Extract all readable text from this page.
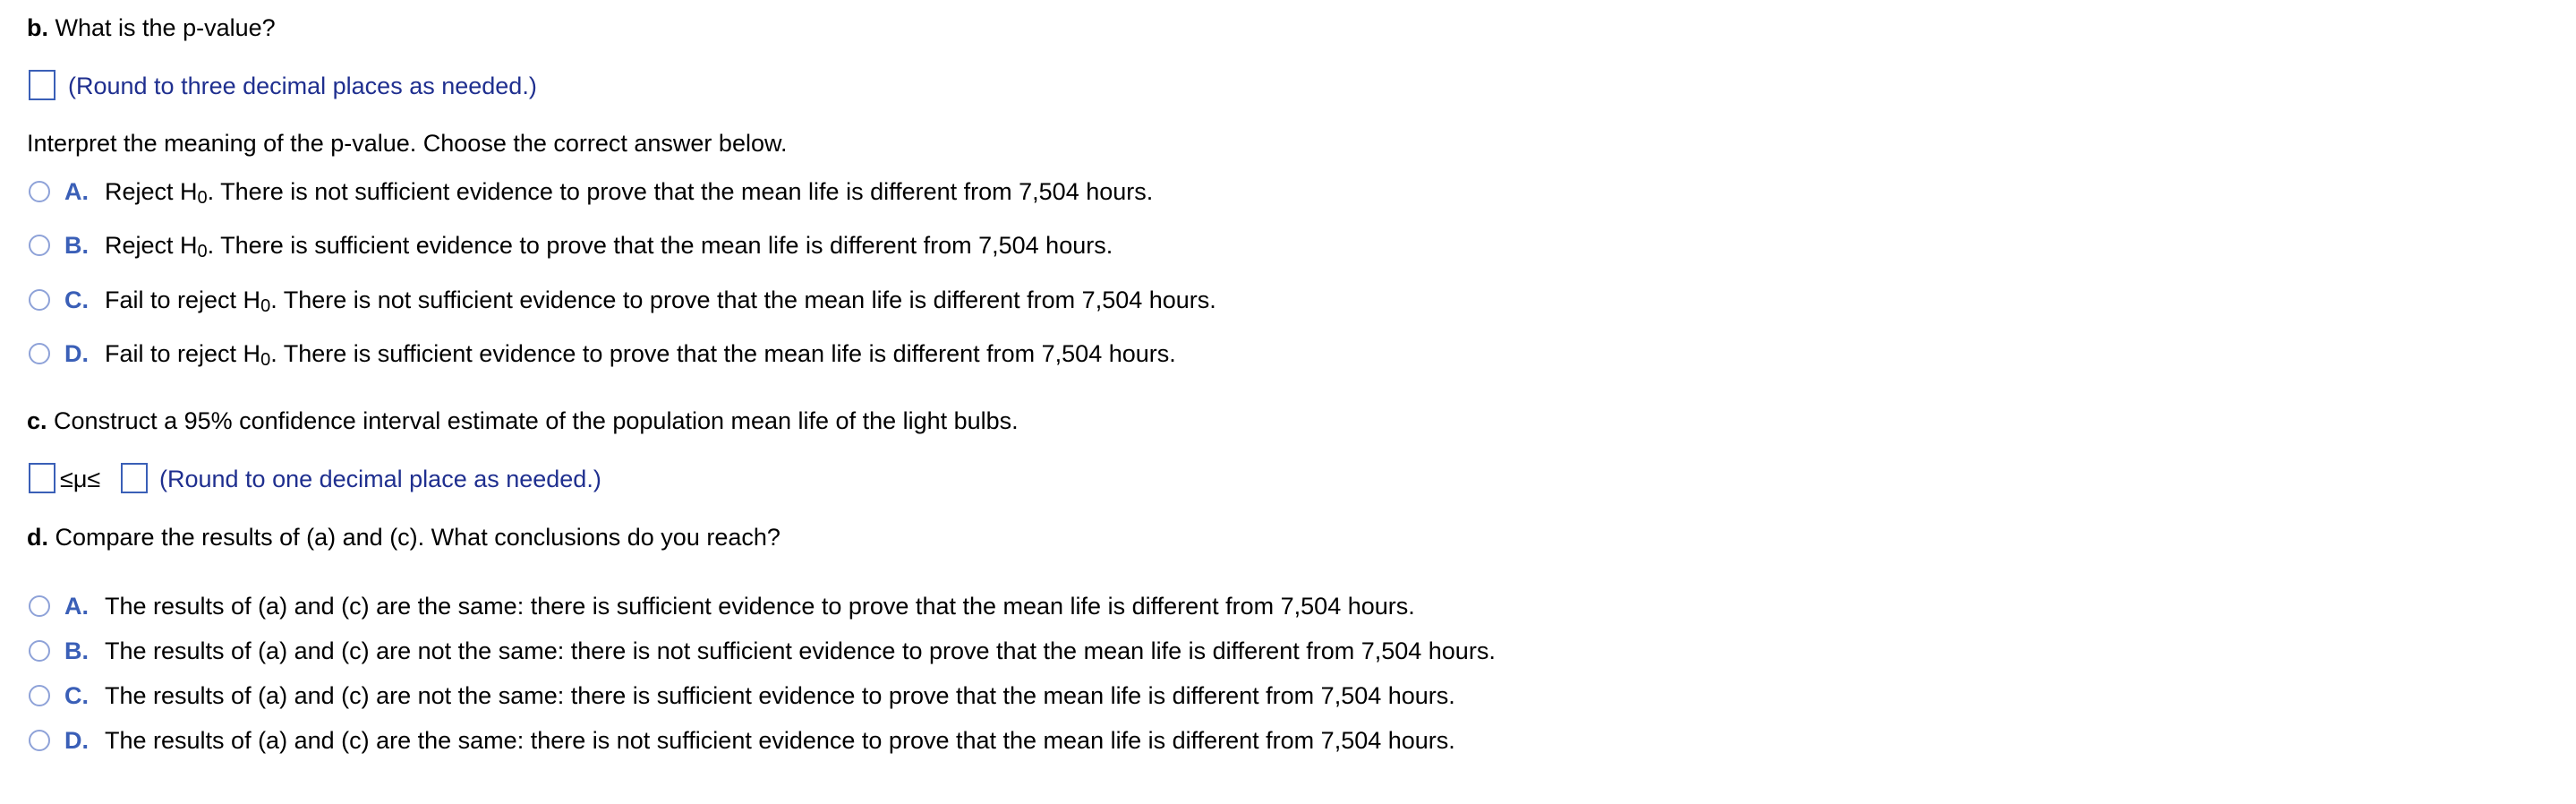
b. What is the p-value?
(Round to three decimal places as needed.)
Interpret the meaning of the p-value. Choose the correct answer below.
A. Reject H 0 . There is not sufficient evidence to prove that the mean life is different from 7,504 hours.
B. Reject H 0 . There is sufficient evidence to prove that the mean life is different from 7,504 hours.
C. Fail to reject H 0 . There is not sufficient evidence to prove that the mean life is different from 7,504 hours.
D. Fail to reject H 0 . There is sufficient evidence to prove that the mean life is different from 7,504 hours.
c. Construct a 95% confidence interval estimate of the population mean life of the light bulbs.
≤μ≤ (Round to one decimal place as needed.)
d. Compare the results of (a) and (c). What conclusions do you reach?
A. The results of (a) and (c) are the same: there is sufficient evidence to prove that the mean life is different from 7,504 hours.
B. The results of (a) and (c) are not the same: there is not sufficient evidence to prove that the mean life is different from 7,504 hours.
C. The results of (a) and (c) are not the same: there is sufficient evidence to prove that the mean life is different from 7,504 hours.
D. The results of (a) and (c) are the same: there is not sufficient evidence to prove that the mean life is different from 7,504 hours.
